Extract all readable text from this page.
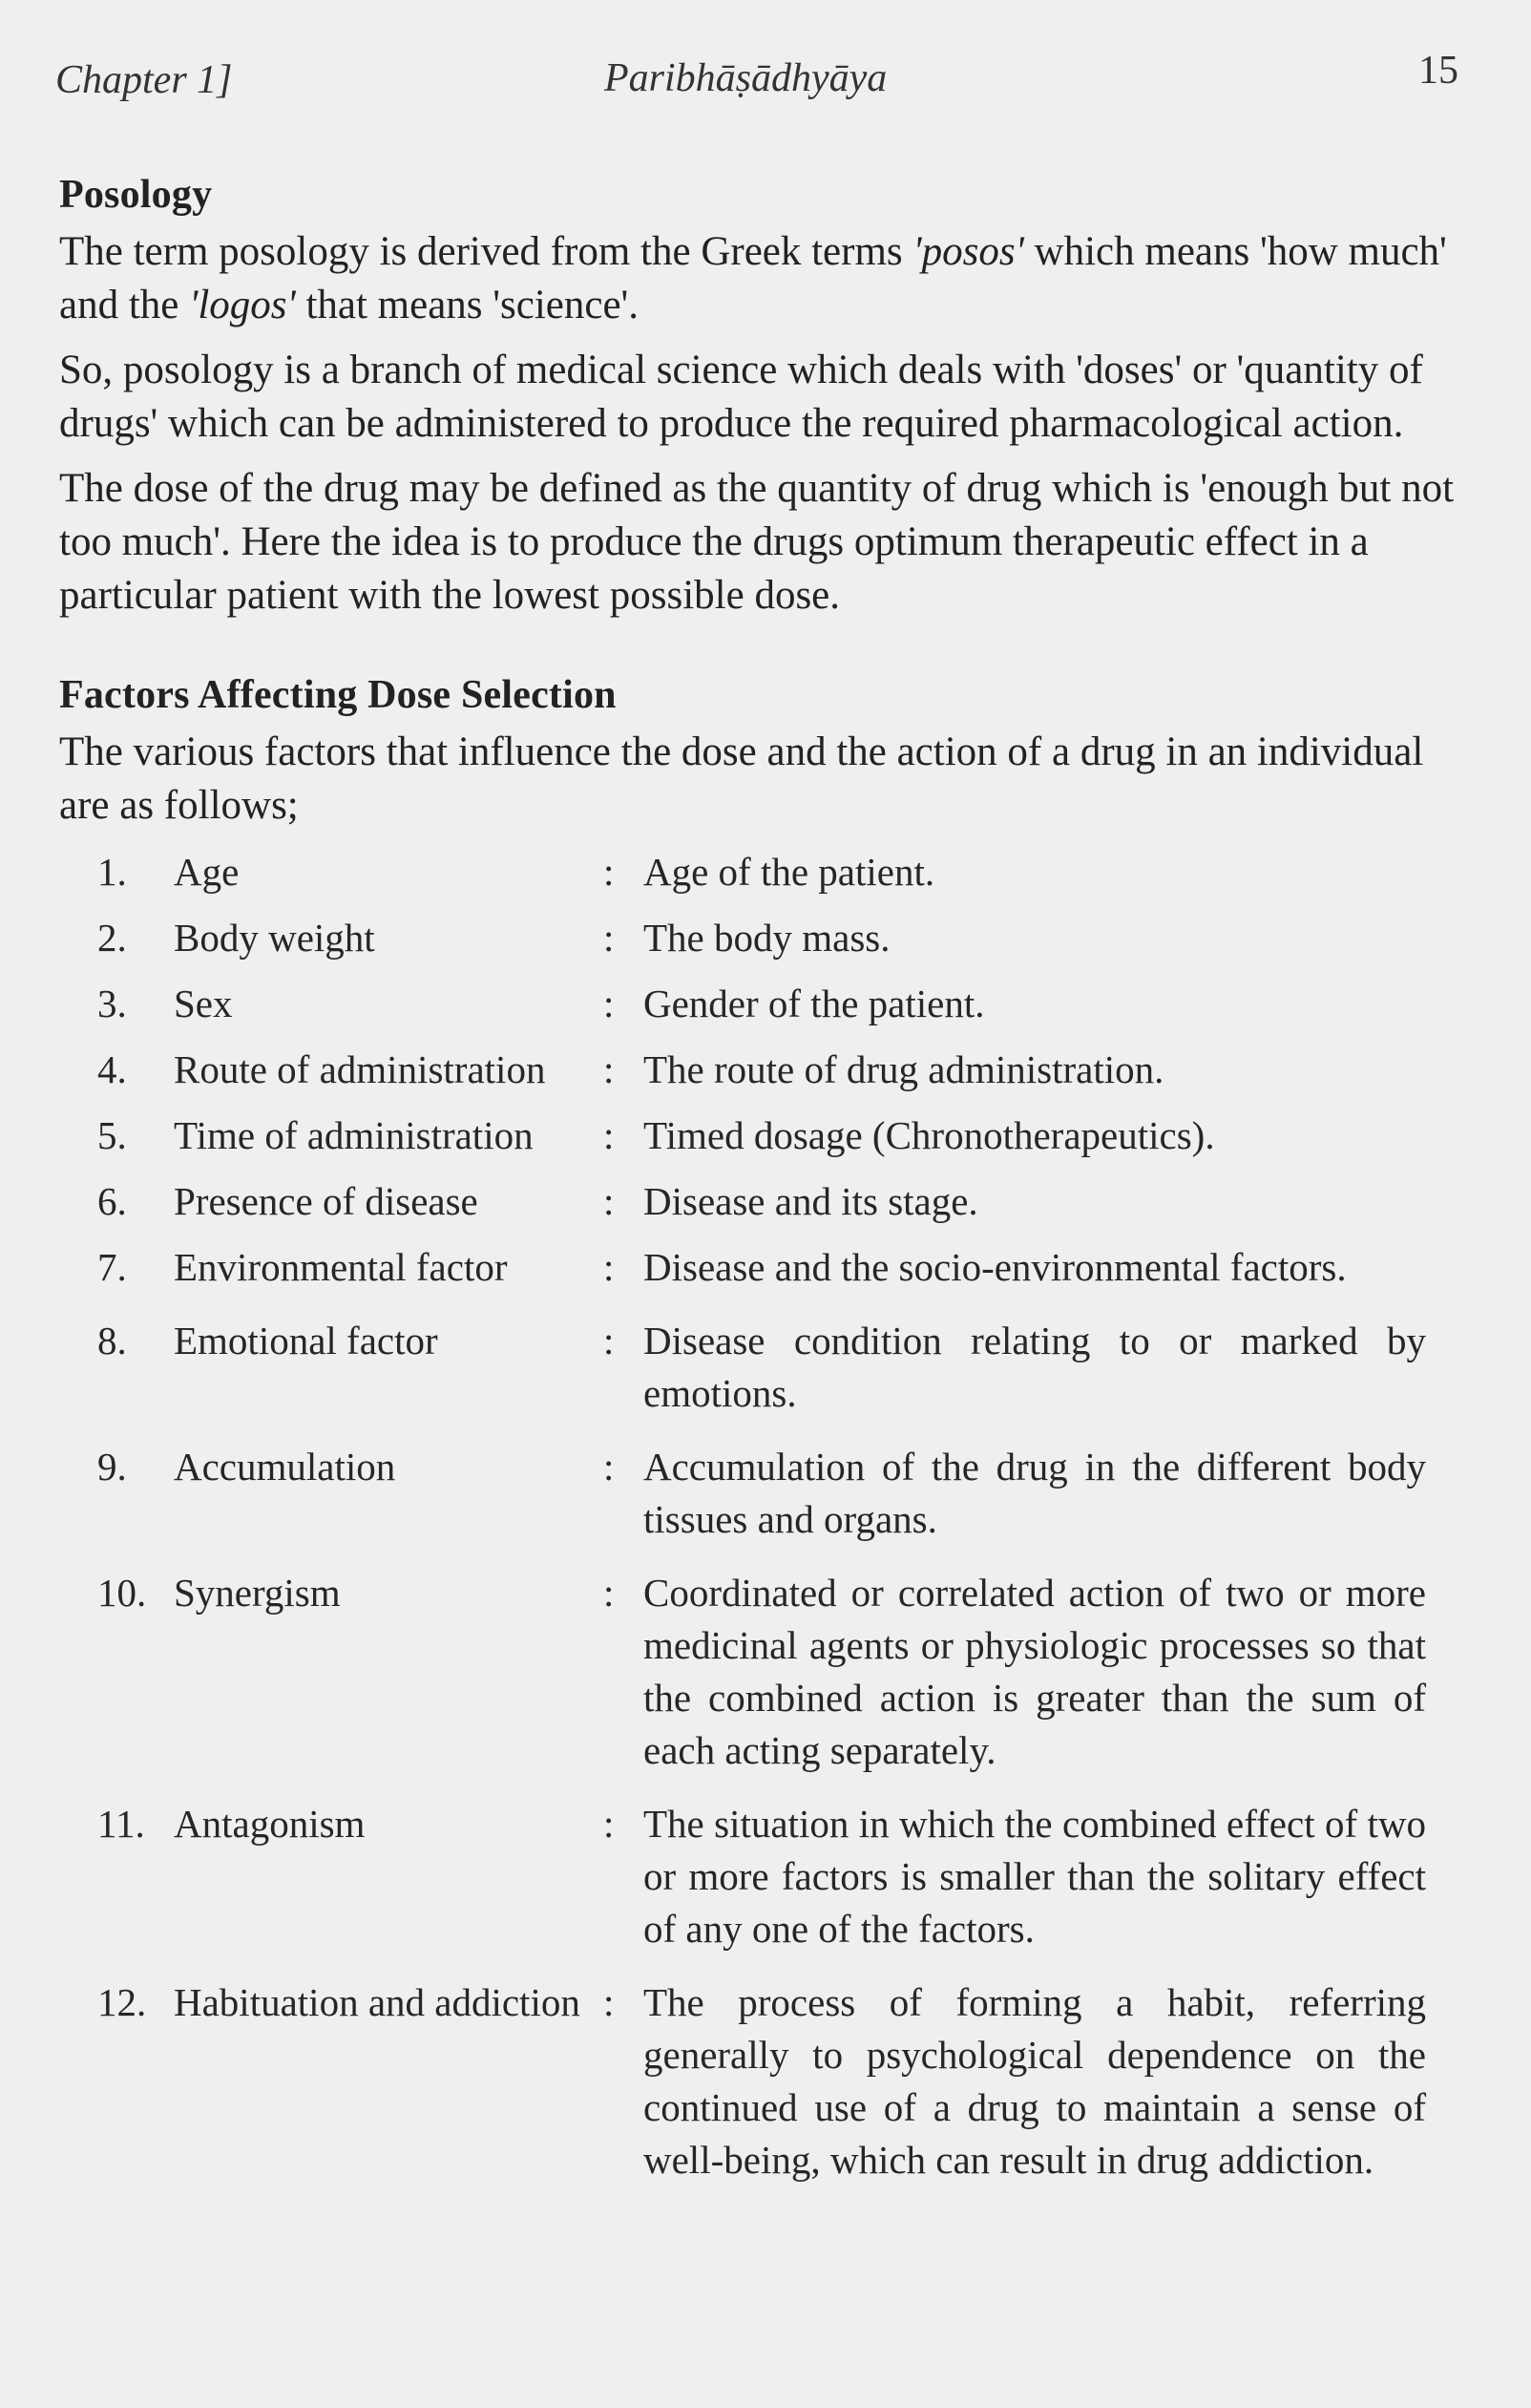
Chapter 1]	Paribhāṣādhyāya	15
Posology

The term posology is derived from the Greek terms 'posos' which means 'how much' and the 'logos' that means 'science'.

So, posology is a branch of medical science which deals with 'doses' or 'quantity of drugs' which can be administered to produce the required pharmacological action.

The dose of the drug may be defined as the quantity of drug which is 'enough but not too much'. Here the idea is to produce the drugs optimum therapeutic effect in a particular patient with the lowest possible dose.

Factors Affecting Dose Selection

The various factors that influence the dose and the action of a drug in an individual are as follows;

1.	Age	: Age of the patient.
2.	Body weight	: The body mass.
3.	Sex	: Gender of the patient.
4.	Route of administration	: The route of drug administration.
5.	Time of administration	: Timed dosage (Chronotherapeutics).
6.	Presence of disease	: Disease and its stage.
7.	Environmental factor	: Disease and the socio-environmental factors.
8.	Emotional factor	: Disease condition relating to or marked by emotions.
9.	Accumulation	: Accumulation of the drug in the different body tissues and organs.
10. Synergism	: Coordinated or correlated action of two or more medicinal agents or physiologic processes so that the combined action is greater than the sum of each acting separately.
11. Antagonism	: The situation in which the combined effect of two or more factors is smaller than the solitary effect of any one of the factors.
12. Habituation and addiction : The process of forming a habit, referring generally to psychological dependence on the continued use of a drug to maintain a sense of well-being, which can result in drug addiction.
